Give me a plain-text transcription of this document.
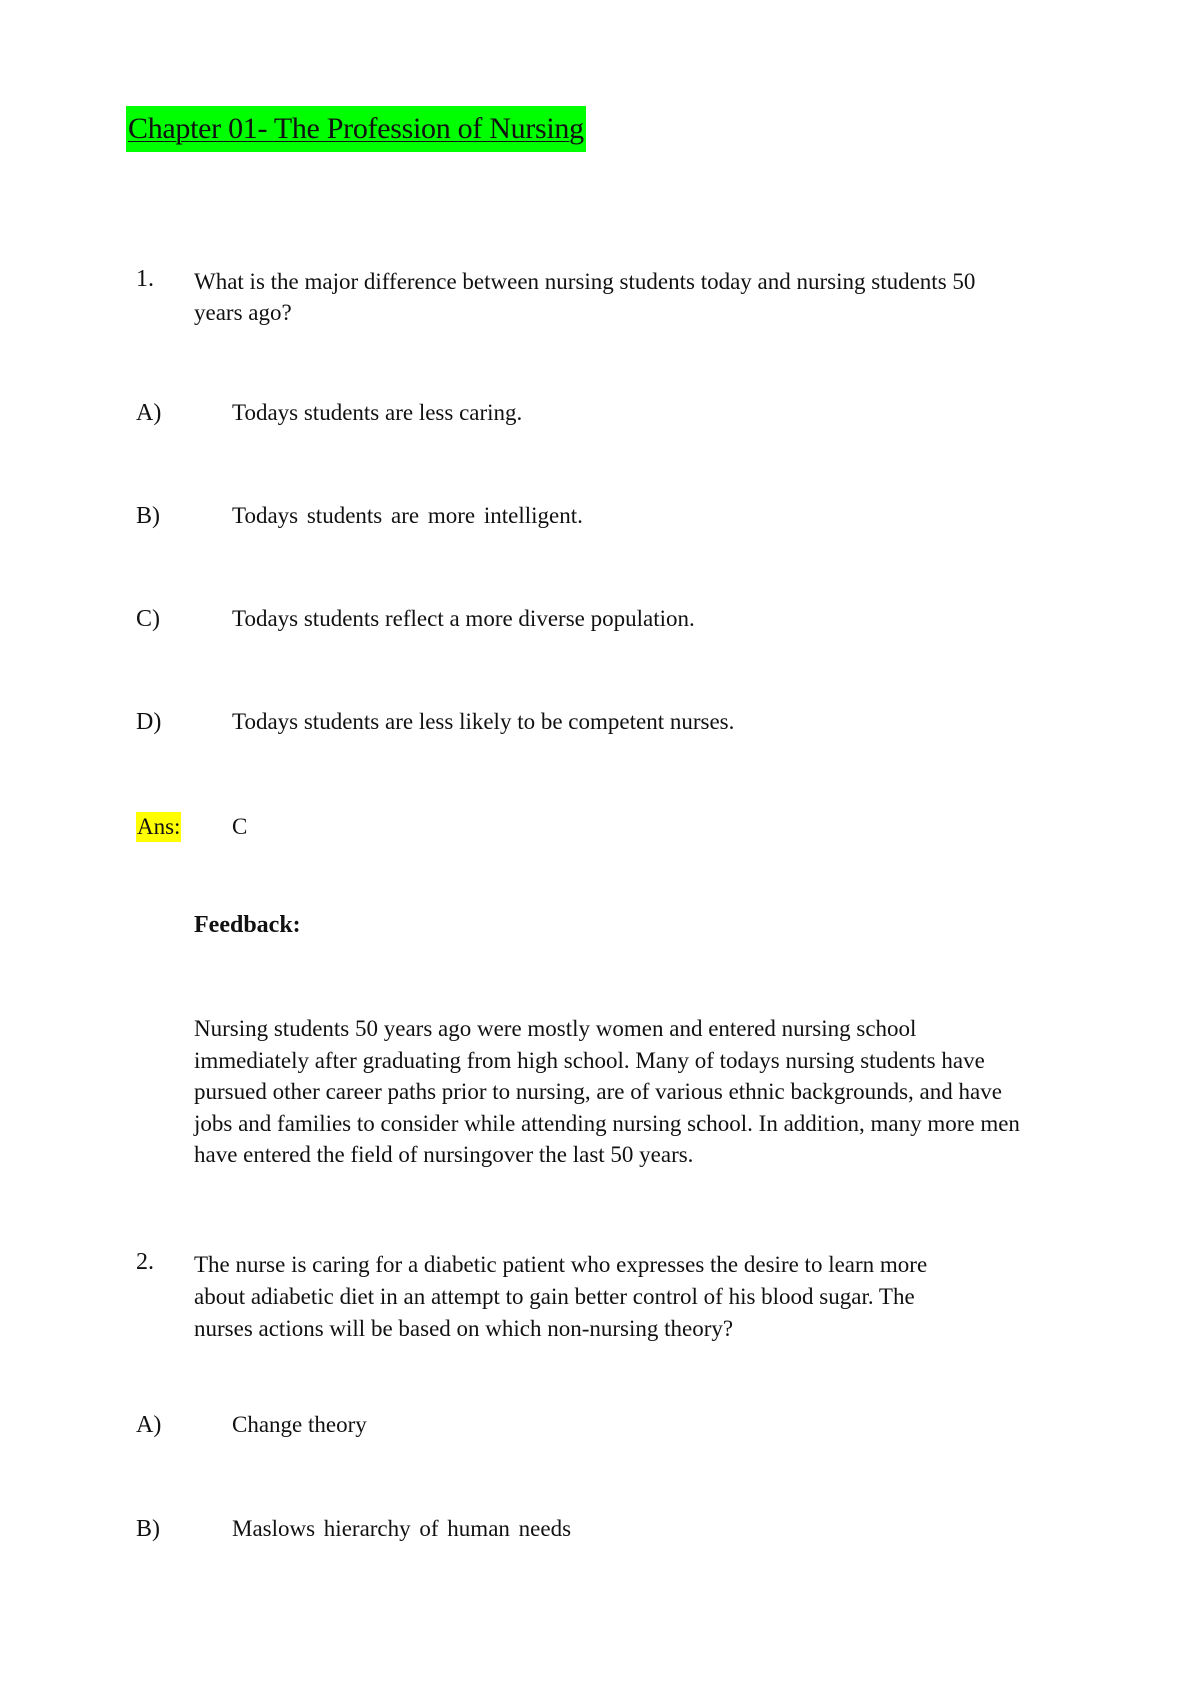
Chapter 01- The Profession of Nursing
1. What is the major difference between nursing students today and nursing students 50 years ago?
A)	Todays students are less caring.
B)	Todays students are more intelligent.
C)	Todays students reflect a more diverse population.
D)	Todays students are less likely to be competent nurses.
Ans: C
Feedback:
Nursing students 50 years ago were mostly women and entered nursing school immediately after graduating from high school. Many of todays nursing students have pursued other career paths prior to nursing, are of various ethnic backgrounds, and have jobs and families to consider while attending nursing school. In addition, many more men have entered the field of nursingover the last 50 years.
2. The nurse is caring for a diabetic patient who expresses the desire to learn more about adiabetic diet in an attempt to gain better control of his blood sugar. The nurses actions will be based on which non-nursing theory?
A)	Change theory
B)	Maslows hierarchy of human needs
